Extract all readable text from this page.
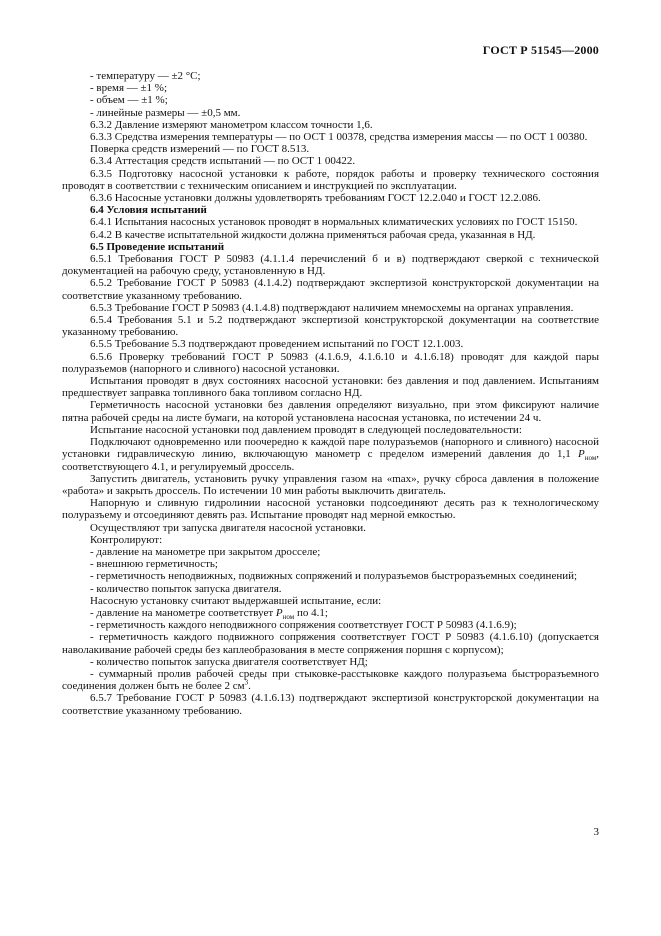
ГОСТ Р 51545—2000

- температуру — ±2 °С;

- время — ±1 %;

- объем — ±1 %;

- линейные размеры — ±0,5 мм.

6.3.2 Давление измеряют манометром классом точности 1,6.

6.3.3 Средства измерения температуры — по ОСТ 1 00378, средства измерения массы — по ОСТ 1 00380.

Поверка средств измерений — по ГОСТ 8.513.

6.3.4 Аттестация средств испытаний — по ОСТ 1 00422.

6.3.5 Подготовку насосной установки к работе, порядок работы и проверку технического состояния проводят в соответствии с техническим описанием и инструкцией по эксплуатации.

6.3.6 Насосные установки должны удовлетворять требованиям ГОСТ 12.2.040 и ГОСТ 12.2.086.

6.4 Условия испытаний

6.4.1 Испытания насосных установок проводят в нормальных климатических условиях по ГОСТ 15150.

6.4.2 В качестве испытательной жидкости должна применяться рабочая среда, указанная в НД.

6.5 Проведение испытаний

6.5.1 Требования ГОСТ Р 50983 (4.1.1.4 перечислений б и в) подтверждают сверкой с технической документацией на рабочую среду, установленную в НД.

6.5.2 Требование ГОСТ Р 50983 (4.1.4.2) подтверждают экспертизой конструкторской документации на соответствие указанному требованию.

6.5.3 Требование ГОСТ Р 50983 (4.1.4.8) подтверждают наличием мнемосхемы на органах управления.

6.5.4 Требования 5.1 и 5.2 подтверждают экспертизой конструкторской документации на соответствие указанному требованию.

6.5.5 Требование 5.3 подтверждают проведением испытаний по ГОСТ 12.1.003.

6.5.6 Проверку требований ГОСТ Р 50983 (4.1.6.9, 4.1.6.10 и 4.1.6.18) проводят для каждой пары полуразъемов (напорного и сливного) насосной установки.

Испытания проводят в двух состояниях насосной установки: без давления и под давлением. Испытаниям предшествует заправка топливного бака топливом согласно НД.

Герметичность насосной установки без давления определяют визуально, при этом фиксируют наличие пятна рабочей среды на листе бумаги, на которой установлена насосная установка, по истечении 24 ч.

Испытание насосной установки под давлением проводят в следующей последовательности:

Подключают одновременно или поочередно к каждой паре полуразъемов (напорного и сливного) насосной установки гидравлическую линию, включающую манометр с пределом измерений давления до 1,1 $P_{ном}$, соответствующего 4.1, и регулируемый дроссель.

Запустить двигатель, установить ручку управления газом на «max», ручку сброса давления в положение «работа» и закрыть дроссель. По истечении 10 мин работы выключить двигатель.

Напорную и сливную гидролинии насосной установки подсоединяют десять раз к технологическому полуразъему и отсоединяют девять раз. Испытание проводят над мерной емкостью.

Осуществляют три запуска двигателя насосной установки.

Контролируют:

- давление на манометре при закрытом дросселе;

- внешнюю герметичность;

- герметичность неподвижных, подвижных сопряжений и полуразъемов быстроразъемных соединений;

- количество попыток запуска двигателя.

Насосную установку считают выдержавшей испытание, если:

- давление на манометре соответствует $P_{ном}$ по 4.1;

- герметичность каждого неподвижного сопряжения соответствует ГОСТ Р 50983 (4.1.6.9);

- герметичность каждого подвижного сопряжения соответствует ГОСТ Р 50983 (4.1.6.10) (допускается наволакивание рабочей среды без каплеобразования в месте сопряжения поршня с корпусом);

- количество попыток запуска двигателя соответствует НД;

- суммарный пролив рабочей среды при стыковке-расстыковке каждого полуразъема быстроразъемного соединения должен быть не более 2 $см^3$.

6.5.7 Требование ГОСТ Р 50983 (4.1.6.13) подтверждают экспертизой конструкторской документации на соответствие указанному требованию.

3
